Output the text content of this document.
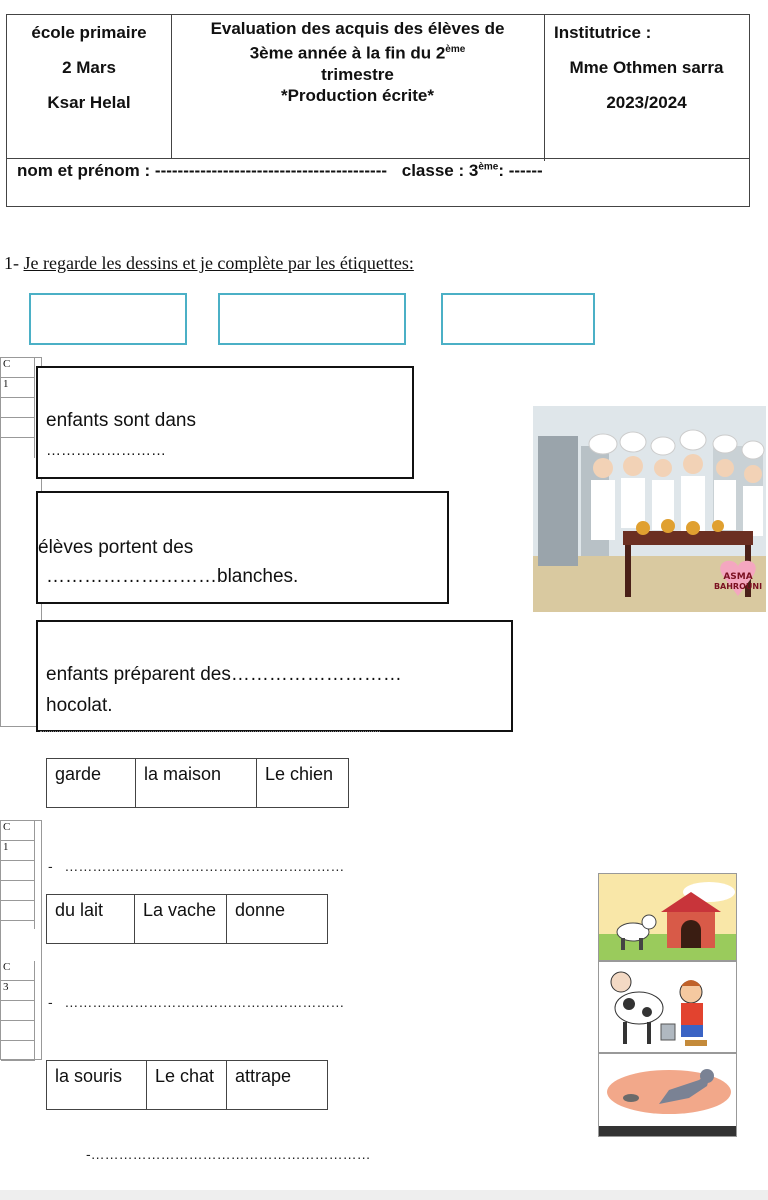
école primaire
2 Mars
Ksar Helal
Evaluation des acquis des élèves de
3ème année à la fin du 2ème
trimestre
*Production écrite*
Institutrice :
Mme Othmen sarra
2023/2024
nom et prénom : ----------------------------------------- classe : 3ème: ------
1- Je regarde les dessins et je complète par les étiquettes:
C
1
enfants sont dans
……………………
élèves portent des
………………………blanches.
enfants préparent des………………………
hocolat.
ASMA
BAHROUNI
C
1
C
3
garde	la maison	Le chien
- ……………………………………………………
du lait	La vache	donne
- ……………………………………………………
la souris	Le chat	attrape
-……………………………………………………
